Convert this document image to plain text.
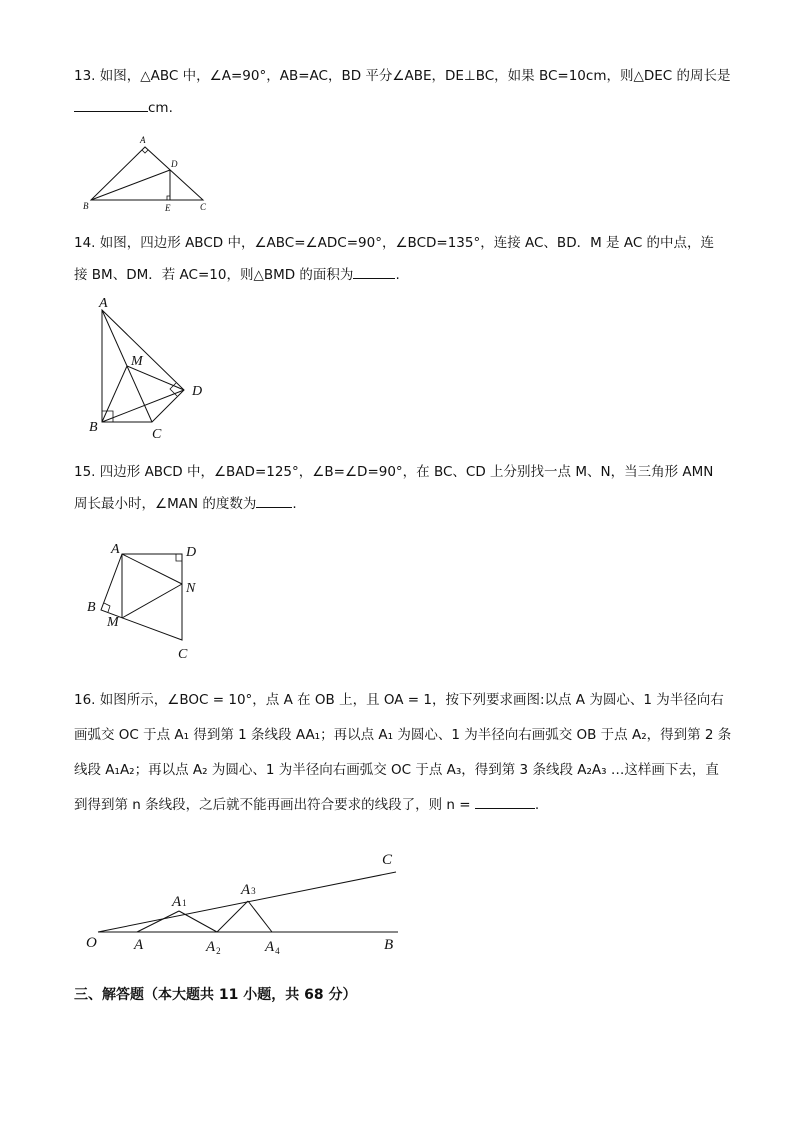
13. 如图，△ABC 中，∠A=90°，AB=AC，BD 平分∠ABE，DE⊥BC，如果 BC=10cm，则△DEC 的周长是
cm.
A
B	C
D
E
14. 如图，四边形 ABCD 中，∠ABC=∠ADC=90°，∠BCD=135°，连接 AC、BD．M 是 AC 的中点，连
接 BM、DM．若 AC=10，则△BMD 的面积为	.
A
B	C
D
M
15. 四边形 ABCD 中，∠BAD=125°，∠B=∠D=90°，在 BC、CD 上分别找一点 M、N，当三角形 AMN
周长最小时，∠MAN 的度数为	.
A	D
N
B
M
C
16. 如图所示，∠BOC = 10°，点 A 在 OB 上，且 OA = 1，按下列要求画图:以点 A 为圆心、1 为半径向右
画弧交 OC 于点 A₁ 得到第 1 条线段 AA₁；再以点 A₁ 为圆心、1 为半径向右画弧交 OB 于点 A₂，得到第 2 条
线段 A₁A₂；再以点 A₂ 为圆心、1 为半径向右画弧交 OC 于点 A₃，得到第 3 条线段 A₂A₃ …这样画下去，直
到得到第 n 条线段，之后就不能再画出符合要求的线段了，则 n =	.
O A
A1
$A_2$
A3
$A_4$	B
C
三、解答题（本大题共 11 小题，共 68 分）
